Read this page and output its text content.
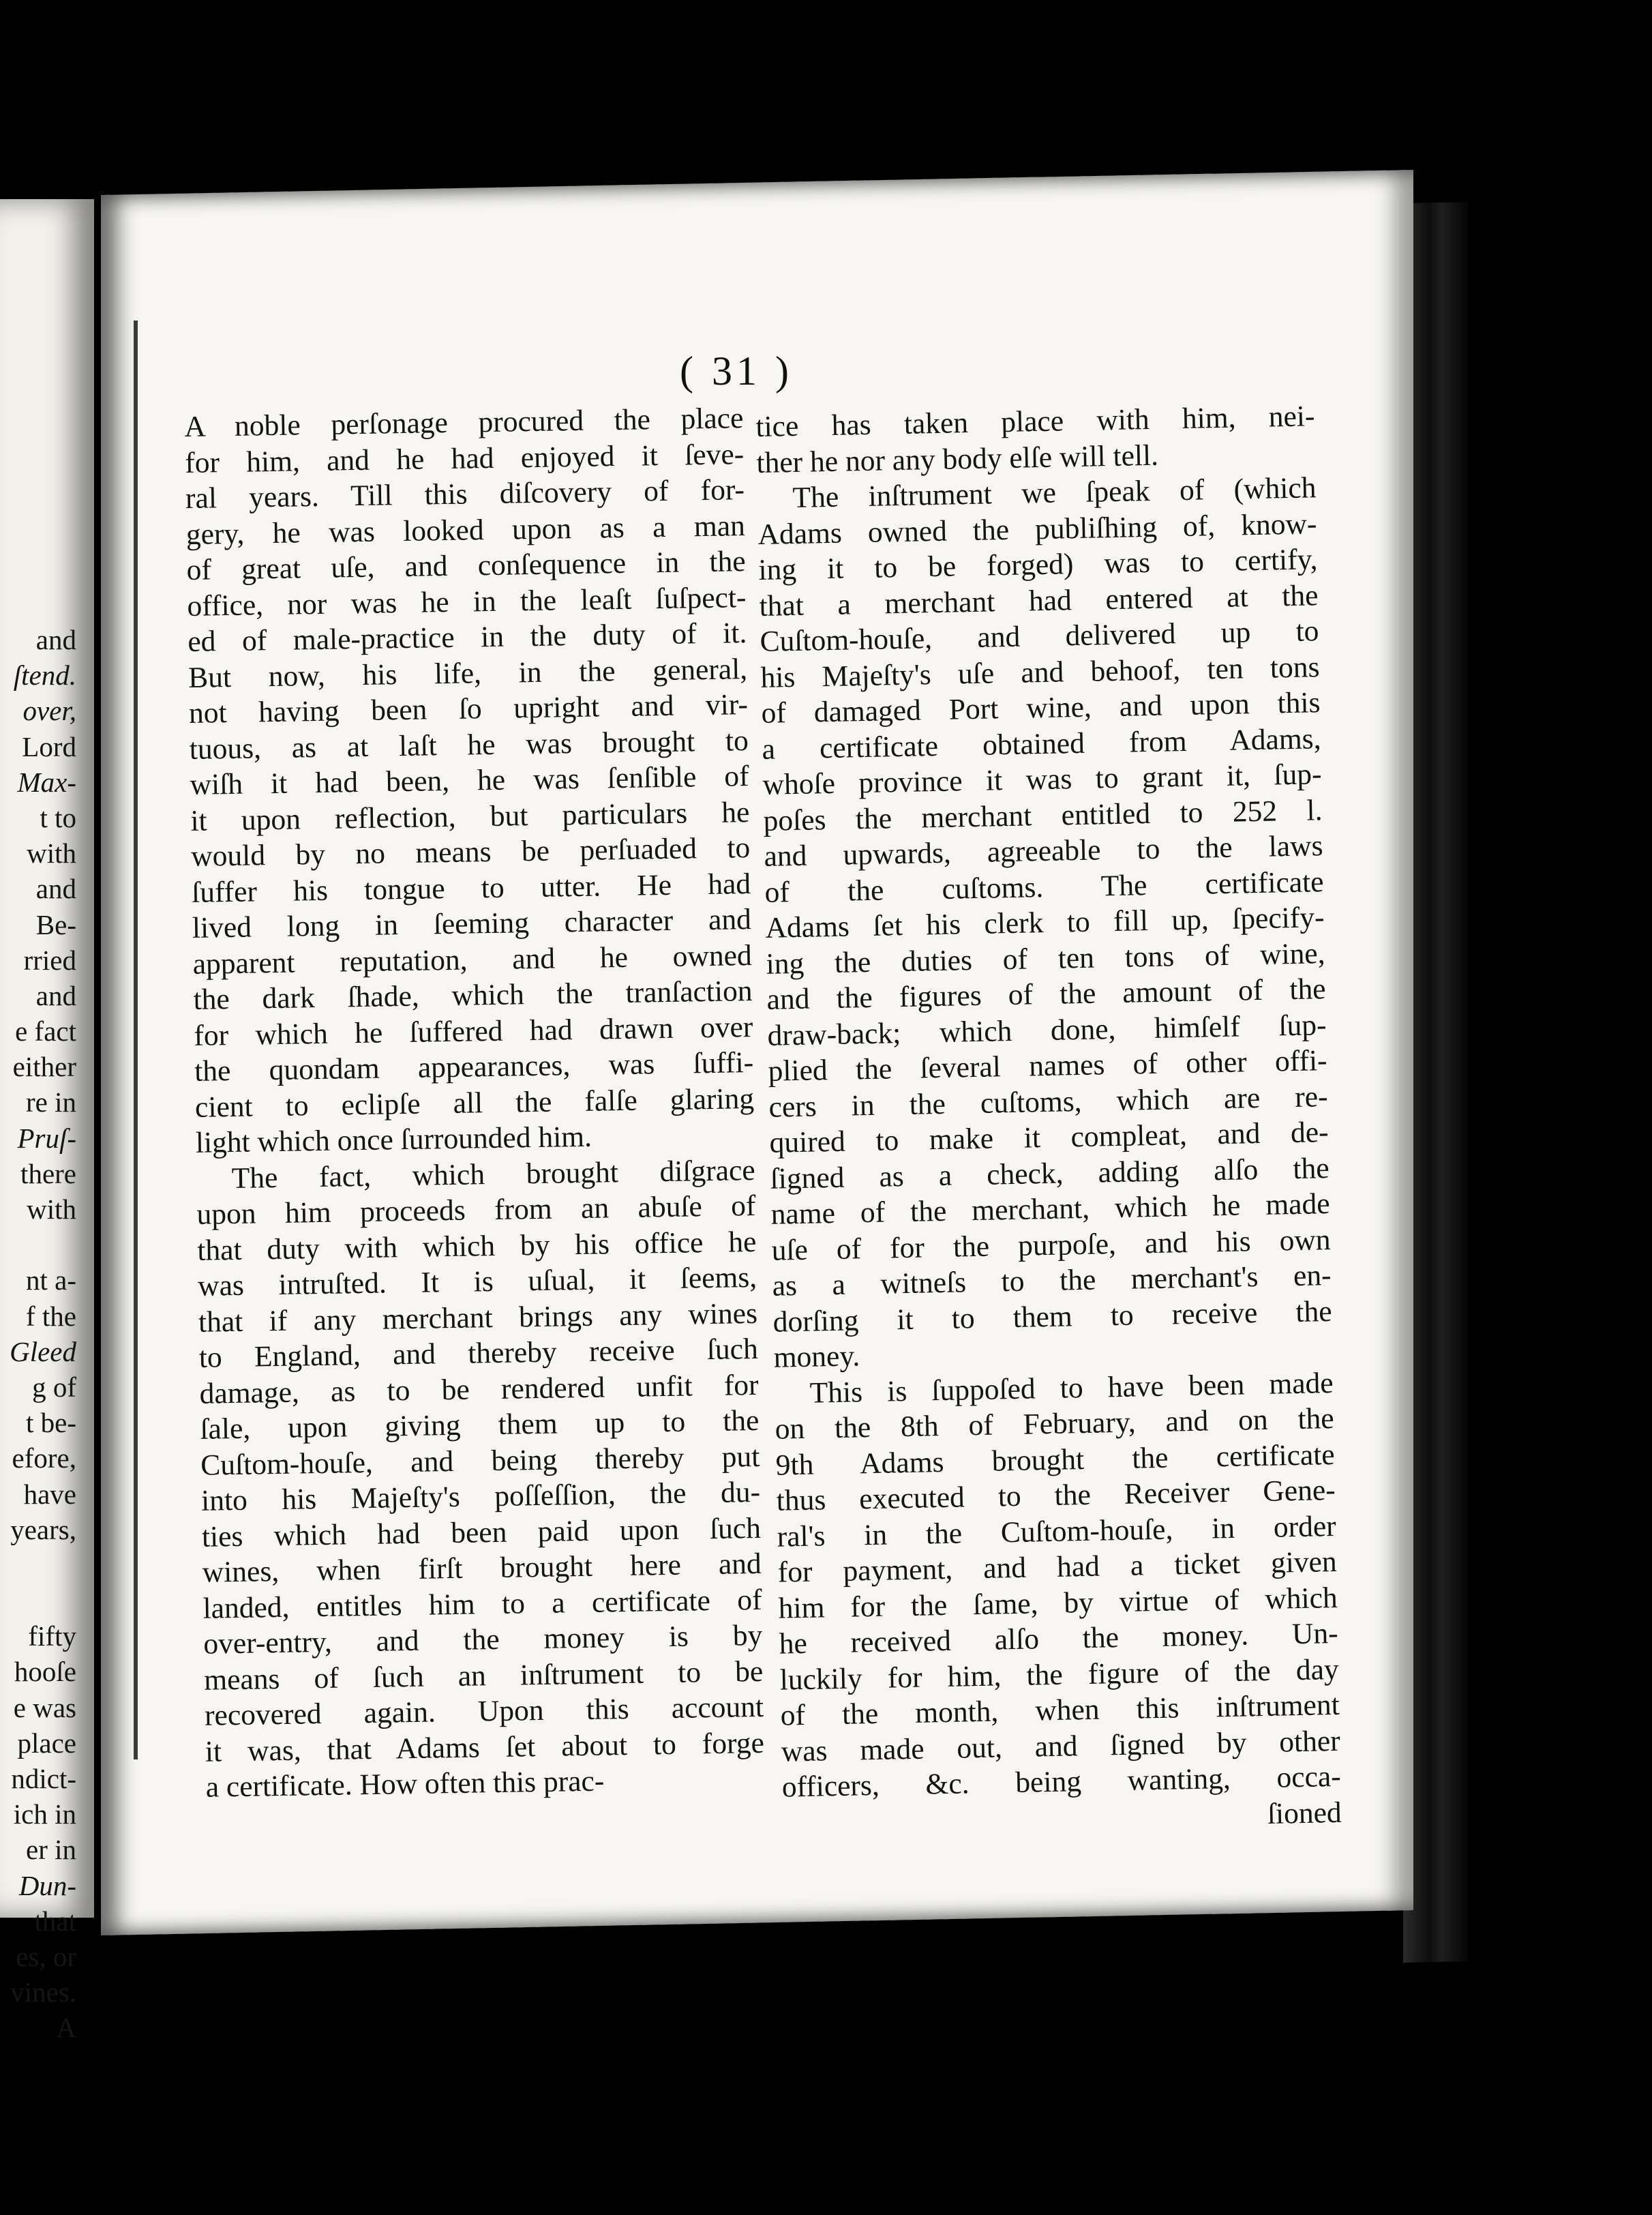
and
ſtend.
over,
Lord
Max-
t to
with
and
Be-
rried
and
e fact
either
re in
Pruſ-
there
with
nt a-
f the
Gleed
g of
t be-
efore,
have
years,
fifty
hooſe
e was
place
ndict-
ich in
er in
Dun-
that
es, or
vines.
A
( 31 )

A noble perſonage procured the place
for him, and he had enjoyed it ſeve-
ral years. Till this diſcovery of for-
gery, he was looked upon as a man
of great uſe, and conſequence in the
office, nor was he in the leaſt ſuſpect-
ed of male-practice in the duty of it.
But now, his life, in the general,
not having been ſo upright and vir-
tuous, as at laſt he was brought to
wiſh it had been, he was ſenſible of
it upon reflection, but particulars he
would by no means be perſuaded to
ſuffer his tongue to utter. He had
lived long in ſeeming character and
apparent reputation, and he owned
the dark ſhade, which the tranſaction
for which he ſuffered had drawn over
the quondam appearances, was ſuffi-
cient to eclipſe all the falſe glaring
light which once ſurrounded him.

The fact, which brought diſgrace
upon him proceeds from an abuſe of
that duty with which by his office he
was intruſted. It is uſual, it ſeems,
that if any merchant brings any wines
to England, and thereby receive ſuch
damage, as to be rendered unfit for
ſale, upon giving them up to the
Cuſtom-houſe, and being thereby put
into his Majeſty's poſſeſſion, the du-
ties which had been paid upon ſuch
wines, when firſt brought here and
landed, entitles him to a certificate of
over-entry, and the money is by
means of ſuch an inſtrument to be
recovered again. Upon this account
it was, that Adams ſet about to forge
a certificate. How often this prac-

tice has taken place with him, nei-
ther he nor any body elſe will tell.

The inſtrument we ſpeak of (which
Adams owned the publiſhing of, know-
ing it to be forged) was to certify,
that a merchant had entered at the
Cuſtom-houſe, and delivered up to
his Majeſty's uſe and behoof, ten tons
of damaged Port wine, and upon this
a certificate obtained from Adams,
whoſe province it was to grant it, ſup-
poſes the merchant entitled to 252 l.
and upwards, agreeable to the laws
of the cuſtoms. The certificate
Adams ſet his clerk to fill up, ſpecify-
ing the duties of ten tons of wine,
and the figures of the amount of the
draw-back; which done, himſelf ſup-
plied the ſeveral names of other offi-
cers in the cuſtoms, which are re-
quired to make it compleat, and de-
ſigned as a check, adding alſo the
name of the merchant, which he made
uſe of for the purpoſe, and his own
as a witneſs to the merchant's en-
dorſing it to them to receive the
money.

This is ſuppoſed to have been made
on the 8th of February, and on the
9th Adams brought the certificate
thus executed to the Receiver Gene-
ral's in the Cuſtom-houſe, in order
for payment, and had a ticket given
him for the ſame, by virtue of which
he received alſo the money. Un-
luckily for him, the figure of the day
of the month, when this inſtrument
was made out, and ſigned by other
officers, &c. being wanting, occa-
ſioned
